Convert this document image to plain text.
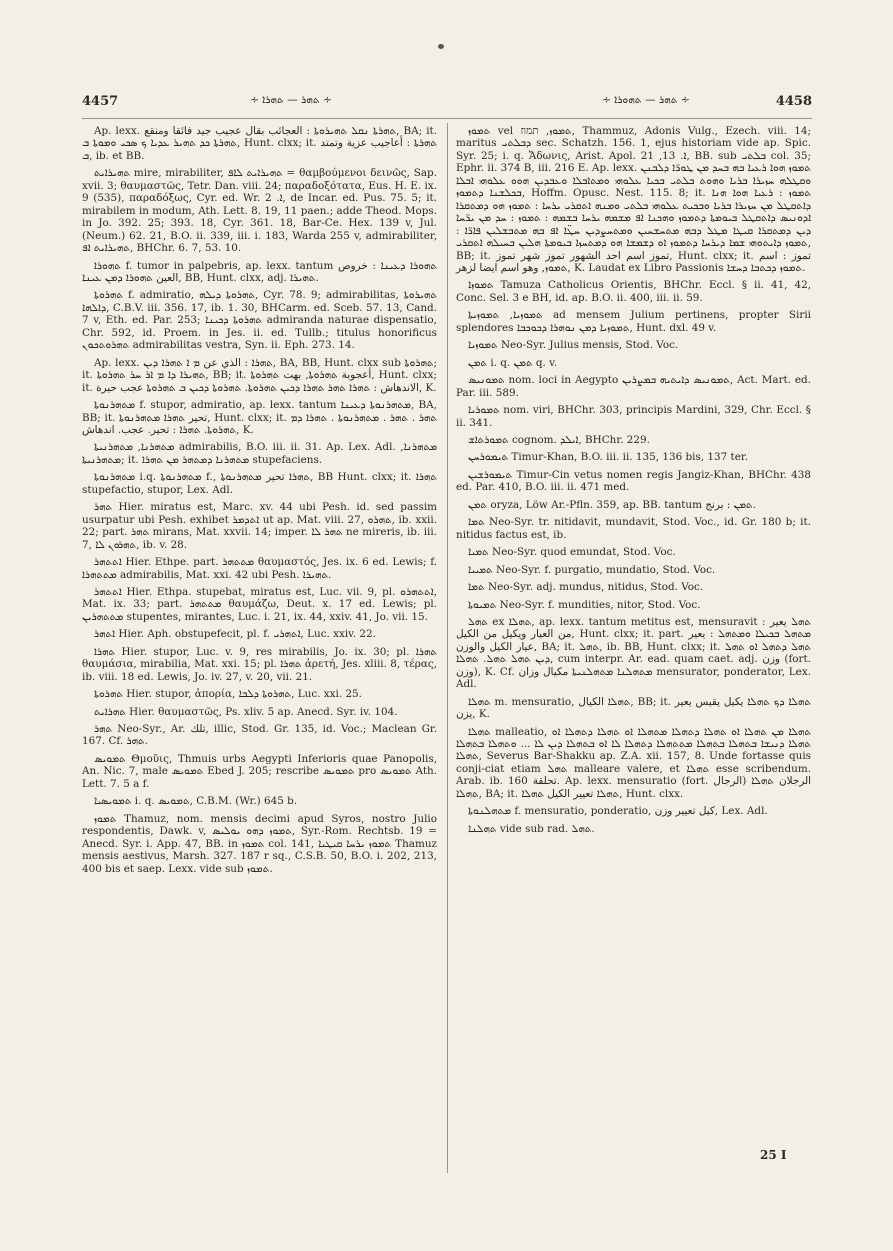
4457	∻ ܬܗܪ — ܬܗܪܐ ∻	∻ ܬܗܪ — ܬܗܘܪܐ ∻	4458

Ap. lexx. ܬܗܪܬܐ ܢܩܠ ܬܗܝܪܘܬܐ : العجائب بقال عجيب جيد فائقا ومنقع, BA; it. ܬܗܪܬܐ ܟܕ ܬܗܝܪ ܥܕܝܐ ܟ ܣܟܝ ܘܡܘܬܐ ܒ, Hunt. clxx; it. ܬܗܪܬܐ : أعاجيب عزية وتمتد ܒ, ib. et BB.

ܬܗܝܪܐܝܬ mire, mirabiliter, ܬܗܝܪܐܝܬ ܠܐܦ = θαμβούμενοι δεινῶς, Sap. xvii. 3; θαυμαστῶς, Tetr. Dan. viii. 24; παραδοξότατα, Eus. H. E. ix. 9 (535), παραδόξως, Cyr. ed. Wr. ܐ. 2, de Incar. ed. Pus. 75. 5; it. mirabilem in modum, Ath. Lett. 8. 19, 11 paen.; adde Theod. Mops. in Jo. 392. 25; 393. 18, Cyr. 361. 18, Bar-Ce. Hex. 139 v, Jul. (Neum.) 62. 21, B.O. ii. 339, iii. i. 183, Warda 255 v, admirabiliter, ܬܗܝܪܐܝܬ ܐܦ, BHChr. 6. 7, 53. 10.

ܬܗܘܪܐ f. tumor in palpebris, ap. lexx. tantum ܬܗܘܪܐ ܕܥܝܢܐ : خروص العين ܬܗܘܪܐ ܕܡܢ ܥܝܢܐ, BB, Hunt. clxx, adj. ܬܗܝܪܐ.

ܬܗܪܘܬܐ f. admiratio, ܬܗܪܘܬܐ ܕܝܠܗ, Cyr. 78. 9; admirabilitas, ܬܗܝܪܘܬܐ ܕܐܠܗܐ, C.B.V. iii. 356. 17, ib. 1. 30, BHCarm. ed. Sceb. 57. 13, Cand. 7 v, Eth. ed. Par. 253; ܬܗܪܘܬܐ ܕܟܝܢܐ admiranda naturae dispensatio, Chr. 592, id. Proem. in Jes. ii. ed. Tullb.; titulus honorificus ܬܗܪܘܬܟܘܢ admirabilitas vestra, Syn. ii. Eph. 273. 14.

Ap. lexx. ܬܗܪܐ : الذي عن ܡ ܐ ܬܗܪܐ ܕܝܢ, BA, BB, Hunt. clxx sub ܬܗܪܘܬܐ; it. ܬܗܝܪܐ ܕܐ ܡ ܐܪ ܚܪ ܬܗܪܘܬܐ, BB; it. أعجوبة ܬܗܪܘܬܐ, بهت ܬܗܪܘܬܐ, Hunt. clxx; it. الاندهاش : ܬܗܪܐ ܬܗܪ ܬܗܪܐ ܕܟܝܢ ܬܗܪܘܬܐ. ܬܗܪܘܬܐ ܕܟܝܢ ܒ ܬܗܪܘܬܐ عجب حيرة, K.

ܡܬܗܪܢܘܬܐ f. stupor, admiratio, ap. lexx. tantum ܡܬܗܪܢܘܬܐ ܕܥܝܢܐ, BA, BB; it. تحير ܬܗܪܐ ܡܬܗܪܢܘܬܐ, Hunt. clxx; it. ܬܗܪ . ܬܗܪ . ܡܬܗܪܢܘܬܐ . ܬܗܪܐ ܕܡ ܬܗܪܘܬܐ. ܬܗܪܐ : تحير. عجب. اندهاش, K.

ܡܬܗܪܢܐ, ܡܬܗܪܢܝܬܐ admirabilis, B.O. iii. ii. 31. Ap. Lex. Adl. ܡܬܗܪܢܐ, ܡܬܗܪܢܝܬܐ; it. ܡܬܗܪܢܐ ܕܡܬܗܪ ܡܢ ܬܗܪܐ stupefaciens.

ܡܬܗܪܢܘܬܐ i.q. ܡܬܗܪܢܘܬܐ f., ܬܗܪܐ تحير ܡܬܗܪܢܘܬܐ, BB Hunt. clxx; it. ܬܗܪܐ stupefactio, stupor, Lex. Adl.

ܬܗܪ Hier. miratus est, Marc. xv. 44 ubi Pesh. id. sed passim usurpatur ubi Pesh. exhibet ܐܬܕܡܪ ut ap. Mat. viii. 27, ܬܗܪܘ, ib. xxii. 22; part. ܬܗܪ mirans, Mat. xxvii. 14; imper. ܬܗܪ ܠܐ ne mireris, ib. iii. 7, ܬܗܪܘܢ ܠܐ, ib. v. 28.

ܐܬܬܗܪ Hier. Ethpe. part. ܡܬܬܗܪ θαυμαστός, Jes. ix. 6 ed. Lewis; f. ܡܬܬܗܪܐ admirabilis, Mat. xxi. 42 ubi Pesh. ܬܗܝܪܐ.

ܐܬܬܗܪ Hier. Ethpa. stupebat, miratus est, Luc. vii. 9, pl. ܐܬܬܗܪܘ, Mat. ix. 33; part. ܡܬܬܗܪ θαυμάζω, Deut. x. 17 ed. Lewis; pl. ܡܬܬܗܪܝܢ stupentes, mirantes, Luc. i. 21, ix. 44, xxiv. 41, Jo. vii. 15.

ܐܬܗܪ Hier. Aph. obstupefecit, pl. f. ܐܬܗܪܝ, Luc. xxiv. 22.

ܬܗܪܐ Hier. stupor, Luc. v. 9, res mirabilis, Jo. ix. 30; pl. ܬܗܪܐ θαυμάσια, mirabilia, Mat. xxi. 15; pl. ܬܗܪܐ ἀρετή, Jes. xliii. 8, τέρας, ib. viii. 18 ed. Lewis, Jo. iv. 27, v. 20, vii. 21.

ܬܗܪܘܬܐ Hier. stupor, ἀπορία, ܬܗܪܘܬܐ ܕܠܒܐ, Luc. xxi. 25.

ܬܗܪܐܝܬ Hier. θαυμαστῶς, Ps. xliv. 5 ap. Anecd. Syr. iv. 104.

ܬܗܪ Neo-Syr., Ar. تلك, illic, Stod. Gr. 135, id. Voc.; Maclean Gr. 167. Cf. ܬܗܪ.

ܬܡܘܝܣ Θμοῦις, Thmuis urbs Aegypti Inferioris quae Panopolis, An. Nic. 7, male ܬܡܘܝܣ Ebed J. 205; rescribe ܬܡܘܝܣ pro ܬܡܘܝܣ Ath. Lett. 7. 5 a f.

ܬܡܘܝܣܝܐ i. q. ܬܡܘܝܣ, C.B.M. (Wr.) 645 b.

ܬܡܘܙ Thamuz, nom. mensis decimi apud Syros, nostro Julio respondentis, Dawk. v, ܬܡܘܙ ܕܗܘ ܝܘܠܝܣ, Syr.-Rom. Rechtsb. 19 = Anecd. Syr. i. App. 47, BB. in ܬܡܘܙ col. 141, ܬܡܘܙ ܝܪܚܐ ܩܝܛܝܐ Thamuz mensis aestivus, Marsh. 327. 187 r sq., C.S.B. 50, B.O. i. 202, 213, 400 bis et saep. Lexx. vide sub ܬܡܘܙ.

ܬܡܘܙ vel ܬܡܘܙ, תמוז, Thammuz, Adonis Vulg., Ezech. viii. 14; maritus ܕܒܠܬܝ sec. Schatzh. 156. 1, ejus historiam vide ap. Spic. Syr. 25; i. q. Ἄδωνις, Arist. Apol. ܐ. 13, 21, BB. sub ܒܠܬܝ col. 35; Ephr. ii. 374 B, iii. 216 E. Ap. lexx. ܬܡܘܙ ܗܘܐ ܪܥܝܐ ܒܗ ܒܚܕ ܡܢ ܛܘܪ̈ܐ ܕܠܒܢܢ ܘܩܛܠܗ ܚܙܝܪܐ ܒܪܝܐ ܘܗܘܬ ܒܠܬܝ ܒܟܝܐ ܥܠܘܗܝ ܘܡܬܐܒܠܐ ܘܥܒܕܝܢ ܗܘܘ ܥܠܘܗܝ ܐܒܠܐ ܒܟܠܫܢܐ ܕܬܡܘܙ, Hoffm. Opusc. Nest. 115. 8; it. ܬܡܘܙ : ܪܥܝܐ ܗܘܐ ܗܢܐ ܕܐܬܩܛܠ ܡܢ ܚܙܝܪܐ ܒܪܝܐ ܘܒܟܝܬ ܥܠܘܗܝ ܒܠܬܝ ܘܡܢܗ ܐܬܩܪܝ ܝܪܚܐ : ܬܡܘܙ ܗܘ ܕܡܬܩܪܐ ܐܕܘܢܝܣ ܕܐܬܩܛܠ ܒܝܘܡܬܐ ܕܬܡܘܙ ܘܗܟܢܐ ܐܦ ܡܫܡܗ ܝܪܚܐ ܒܫܡܗ : ܬܡܘܙ : ܚܕ ܡܢ ܝܪ̈ܚܐ ܕܝܢ ܕܡܬܩܪܐ ܩܝܛܐ ܡܛܠ ܕܒܗ ܡܬܚܫܚܝܢ ܘܡܬܚܨܕܝܢ ܚܛ̈ܐ ܐܦ ܒܗ ܡܬܒܫܠܝܢ ܦܐܪ̈ܐ : ܬܡܘܙ ܕܐܝܬܘܗܝ ܫܡܐ ܕܝܪܚܐ ܕܬܡܘܙ ܐܘ ܕܫܡܫܐ ܗܘ ܕܡܬܚܙܐ ܒܝܘܡܬܐ ܗܠܝܢ ܒܚܝܠܗ ܐܬܩܪܝ, BB; it. تموز اسم احد الشهور تموز شهر تموز, Hunt. clxx; it. تموز : اسم ܬܡܘܙ, وهو اسم ايضا لزهر, K. Laudat ex Libro Passionis ܬܡܘܙ ܕܟܬܒܐ ܕܚܫܐ.

ܬܡܘܙܐ Tamuza Catholicus Orientis, BHChr. Eccl. § ii. 41, 42, Conc. Sel. 3 e BH, id. ap. B.O. ii. 400, iii. ii. 59.

ܬܡܘܙܝܐ, ܬܡܘܙܝܬܐ ad mensem Julium pertinens, propter Sirii splendores ܬܡܘܙܝܐ ܕܡܢ ܢܘܗܪܐ ܕܟܘܟܒܐ, Hunt. dxl. 49 v.

ܬܡܘܙܝܐ Neo-Syr. Julius mensis, Stod. Voc.

ܬܡܢ i. q. ܬܡܢ q. v.

ܬܡܘܢܝܣ nom. loci in Aegypto ܬܡܘܢܝܣ ܕܐܝܬܝܗ ܒܡܨܪܝܢ, Act. Mart. ed. Par. iii. 589.

ܬܡܘܪܝܐ nom. viri, BHChr. 303, principis Mardini, 329, Chr. Eccl. § ii. 341.

ܬܡܘܪܬܐܫ cognom. ܐܝܠܕ, BHChr. 229.

ܬܝܡܘܪܚܢ Timur-Khan, B.O. iii. ii. 135, 136 bis, 137 ter.

ܬܝܡܘܪܫܝܢ Timur-Cin vetus nomen regis Jangiz-Khan, BHChr. 438 ed. Par. 410, B.O. iii. ii. 471 med.

ܬܡܢ oryza, Löw Ar.-Pfln. 359, ap. BB. tantum ܬܡܢ : برنج.

ܬܡܐ Neo-Syr. tr. nitidavit, mundavit, Stod. Voc., id. Gr. 180 b; it. nitidus factus est, ib.

ܬܡܝܐ Neo-Syr. quod emundat, Stod. Voc.

ܬܡܝܝܐ Neo-Syr. f. purgatio, mundatio, Stod. Voc.

ܬܡܐ Neo-Syr. adj. mundus, nitidus, Stod. Voc.

ܬܡܝܘܬܐ Neo-Syr. f. mundities, nitor, Stod. Voc.

ܬܗܠ ex ܬܗܠܐ, ap. lexx. tantum metitus est, mensuravit : ܬܗܠ يعير من العيار ويكيل من الكيل, Hunt. clxx; it. part. ܡܬܗܠ ܒܟܝܠܐ ܘܡܬܗܠ : يعير عيار الكيل والوزن, BA; it. ܬܗܠ, ib. BB, Hunt. clxx; it. ܬܗܠ ܕܬܗܠ ܐܘ ܬܗܠ ܕܝܢ ܬܗܠ ܬܗܠ. ܬܗܠܐ, cum interpr. Ar. ead. quam caet. adj. وزن (fort. وزن), K. Cf. ܡܬܗܠܢܐ ܡܬܗܠܢܝܬܐ مكيال وزان mensurator, ponderator, Lex. Adl.

ܬܗܠܐ m. mensuratio, ܬܗܠܐ الكيال, BB; it. ܬܗܠܐ ܕܟ ܬܗܠܐ يكيل يقيس يعير يزن, K.

ܬܗܠܐ malleatio, ܬܗܠܐ ܡܢ ܬܗܠܐ ܐܘ ܬܗܠܐ ܕܬܗܠܐ ܡܬܗܠܐ ܐܘ ܬܗܠܐ ܕܬܗܠܐ ܐܘ ܬܗܠܐ ܕܢܝܫܐ ܒܬܗܠܐ ܒܬܗܠܐ ܡܬܬܗܠܐ ܕܬܗܠܐ ܠܐ ܐܘ ܒܬܗܠܐ ܕܝܢ ܠܐ ... ܘܬܗܠܐ ܒܬܗܠܐ ܬܗܠܐ, Severus Bar-Shakku ap. Z.A. xii. 157, 8. Unde fortasse quis conji-ciat etiam ܬܗܠ malleare valere, et ܬܗܠܐ esse scribendum. Arab. ib. 160 تحلقة. Ap. lexx. mensuratio (fort. الرجال) الرجلان ܬܗܠܐ ܬܗܠܐ, BA; it. ܬܗܠܐ تعيير الكيل ܬܗܠܐ, Hunt. clxx.

ܡܬܗܠܢܘܬܐ f. mensuratio, ponderatio, كيل تعيير وزن, Lex. Adl.

ܬܗܠܢܐ vide sub rad. ܬܗܠ.

25 I
